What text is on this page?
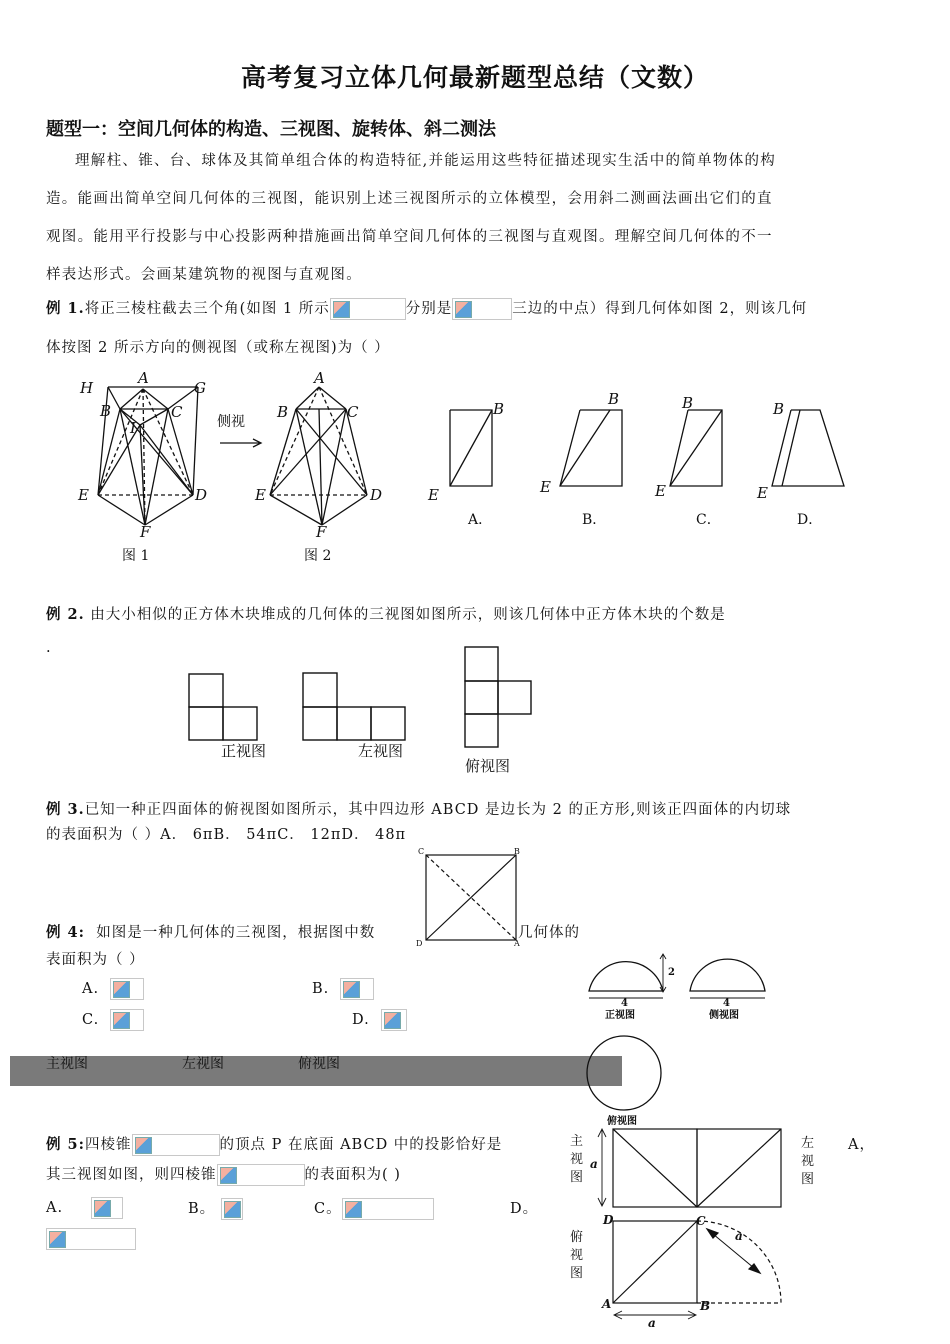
高考复习立体几何最新题型总结（文数）
题型一：空间几何体的构造、三视图、旋转体、斜二测法
理解柱、锥、台、球体及其简单组合体的构造特征,并能运用这些特征描述现实生活中的简单物体的构
造。能画出简单空间几何体的三视图，能识别上述三视图所示的立体模型，会用斜二测画法画出它们的直
观图。能用平行投影与中心投影两种措施画出简单空间几何体的三视图与直观图。理解空间几何体的不一
样表达形式。会画某建筑物的视图与直观图。
例 1.将正三棱柱截去三个角(如图 1 所示	分别是	三边的中点）得到几何体如图 2，则该几何
体按图 2 所示方向的侧视图（或称左视图)为（ ）
H
A
G
B	C
I
E	D
F
A
B	C
E	D
F
B
E
B
E
B
E
B
E
侧视
图 1	图 2
A．	B．	C．	D．
例 2. 由大小相似的正方体木块堆成的几何体的三视图如图所示，则该几何体中正方体木块的个数是
.
正视图	左视图
俯视图
例 3.已知一种正四面体的俯视图如图所示，其中四边形 ABCD 是边长为 2 的正方形,则该正四面体的内切球
的表面积为（ ）A． 6πB． 54πC． 12πD． 48π
C	B
D	A
例 4: 如图是一种几何体的三视图，根据图中数	几何体的
表面积为（ ）
A.	B.
C.	D.
主视图	左视图	俯视图
2
4	4
正视图	侧视图
俯视图
例 5:四棱锥	的顶点 P 在底面 ABCD 中的投影恰好是	A，
其三视图如图，则四棱锥	的表面积为( )
A.	B。	C。	D。
主
视
图
左
视
图
俯
视
图
a
D	C
A	B
a
a
